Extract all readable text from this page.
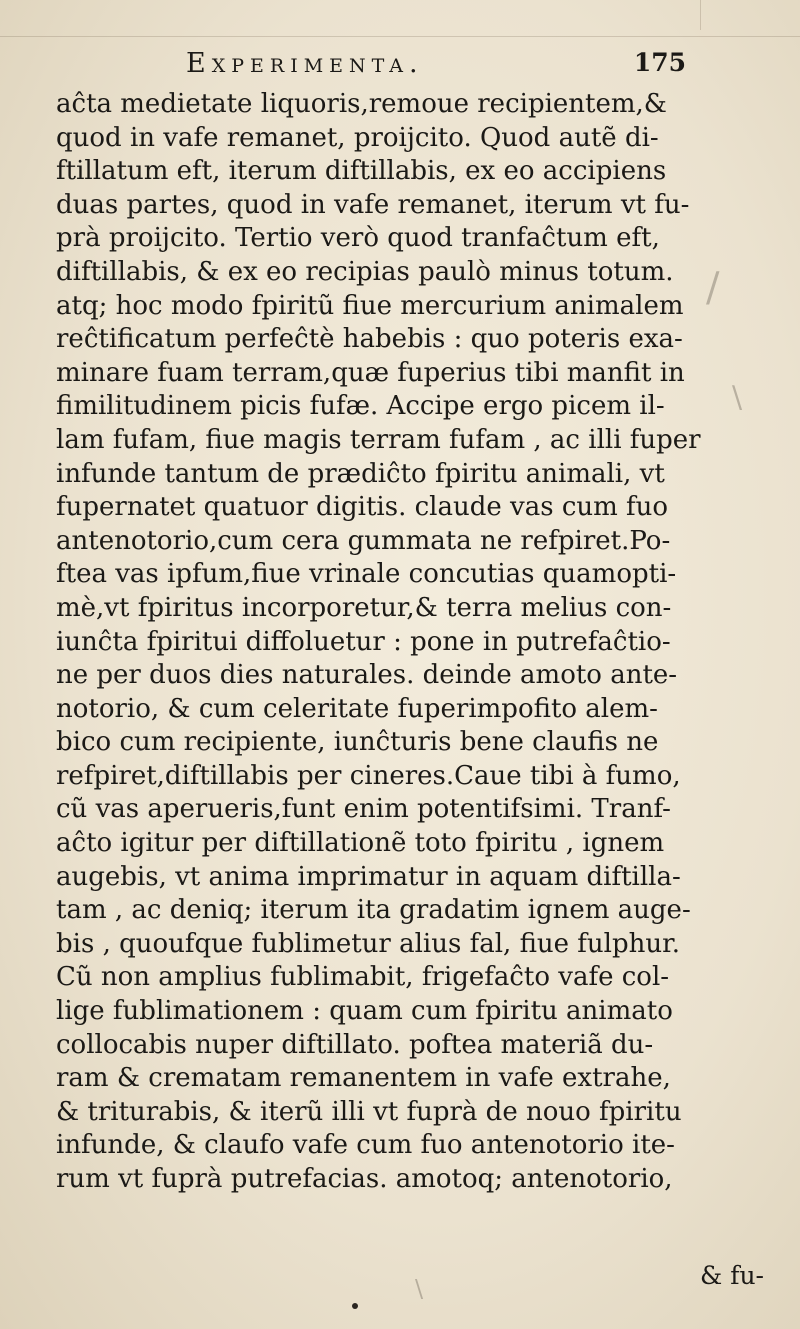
Experimenta.	175
aĉta medietate liquoris,remoue recipientem,&
quod in vafe remanet, proijcito. Quod autẽ di-
ftillatum eft, iterum diftillabis, ex eo accipiens
duas partes, quod in vafe remanet, iterum vt fu-
prà proijcito. Tertio verò quod tranfaĉtum eft,
diftillabis, & ex eo recipias paulò minus totum.
atq; hoc modo fpiritũ fiue mercurium animalem
reĉtificatum perfeĉtè habebis : quo poteris exa-
minare fuam terram,quæ fuperius tibi manfit in
fimilitudinem picis fufæ. Accipe ergo picem il-
lam fufam, fiue magis terram fufam , ac illi fuper
infunde tantum de prædiĉto fpiritu animali, vt
fupernatet quatuor digitis. claude vas cum fuo
antenotorio,cum cera gummata ne refpiret.Po-
ftea vas ipfum,fiue vrinale concutias quamopti-
mè,vt fpiritus incorporetur,& terra melius con-
iunĉta fpiritui diffoluetur : pone in putrefaĉtio-
ne per duos dies naturales. deinde amoto ante-
notorio, & cum celeritate fuperimpofito alem-
bico cum recipiente, iunĉturis bene claufis ne
refpiret,diftillabis per cineres.Caue tibi à fumo,
cũ vas aperueris,funt enim potentifsimi. Tranf-
aĉto igitur per diftillationẽ toto fpiritu , ignem
augebis, vt anima imprimatur in aquam diftilla-
tam , ac deniq; iterum ita gradatim ignem auge-
bis , quoufque fublimetur alius fal, fiue fulphur.
Cũ non amplius fublimabit, frigefaĉto vafe col-
lige fublimationem : quam cum fpiritu animato
collocabis nuper diftillato. poftea materiã du-
ram & crematam remanentem in vafe extrahe,
& triturabis, & iterũ illi vt fuprà de nouo fpiritu
infunde, & claufo vafe cum fuo antenotorio ite-
rum vt fuprà putrefacias. amotoq; antenotorio,
& fu-
/
\
\
